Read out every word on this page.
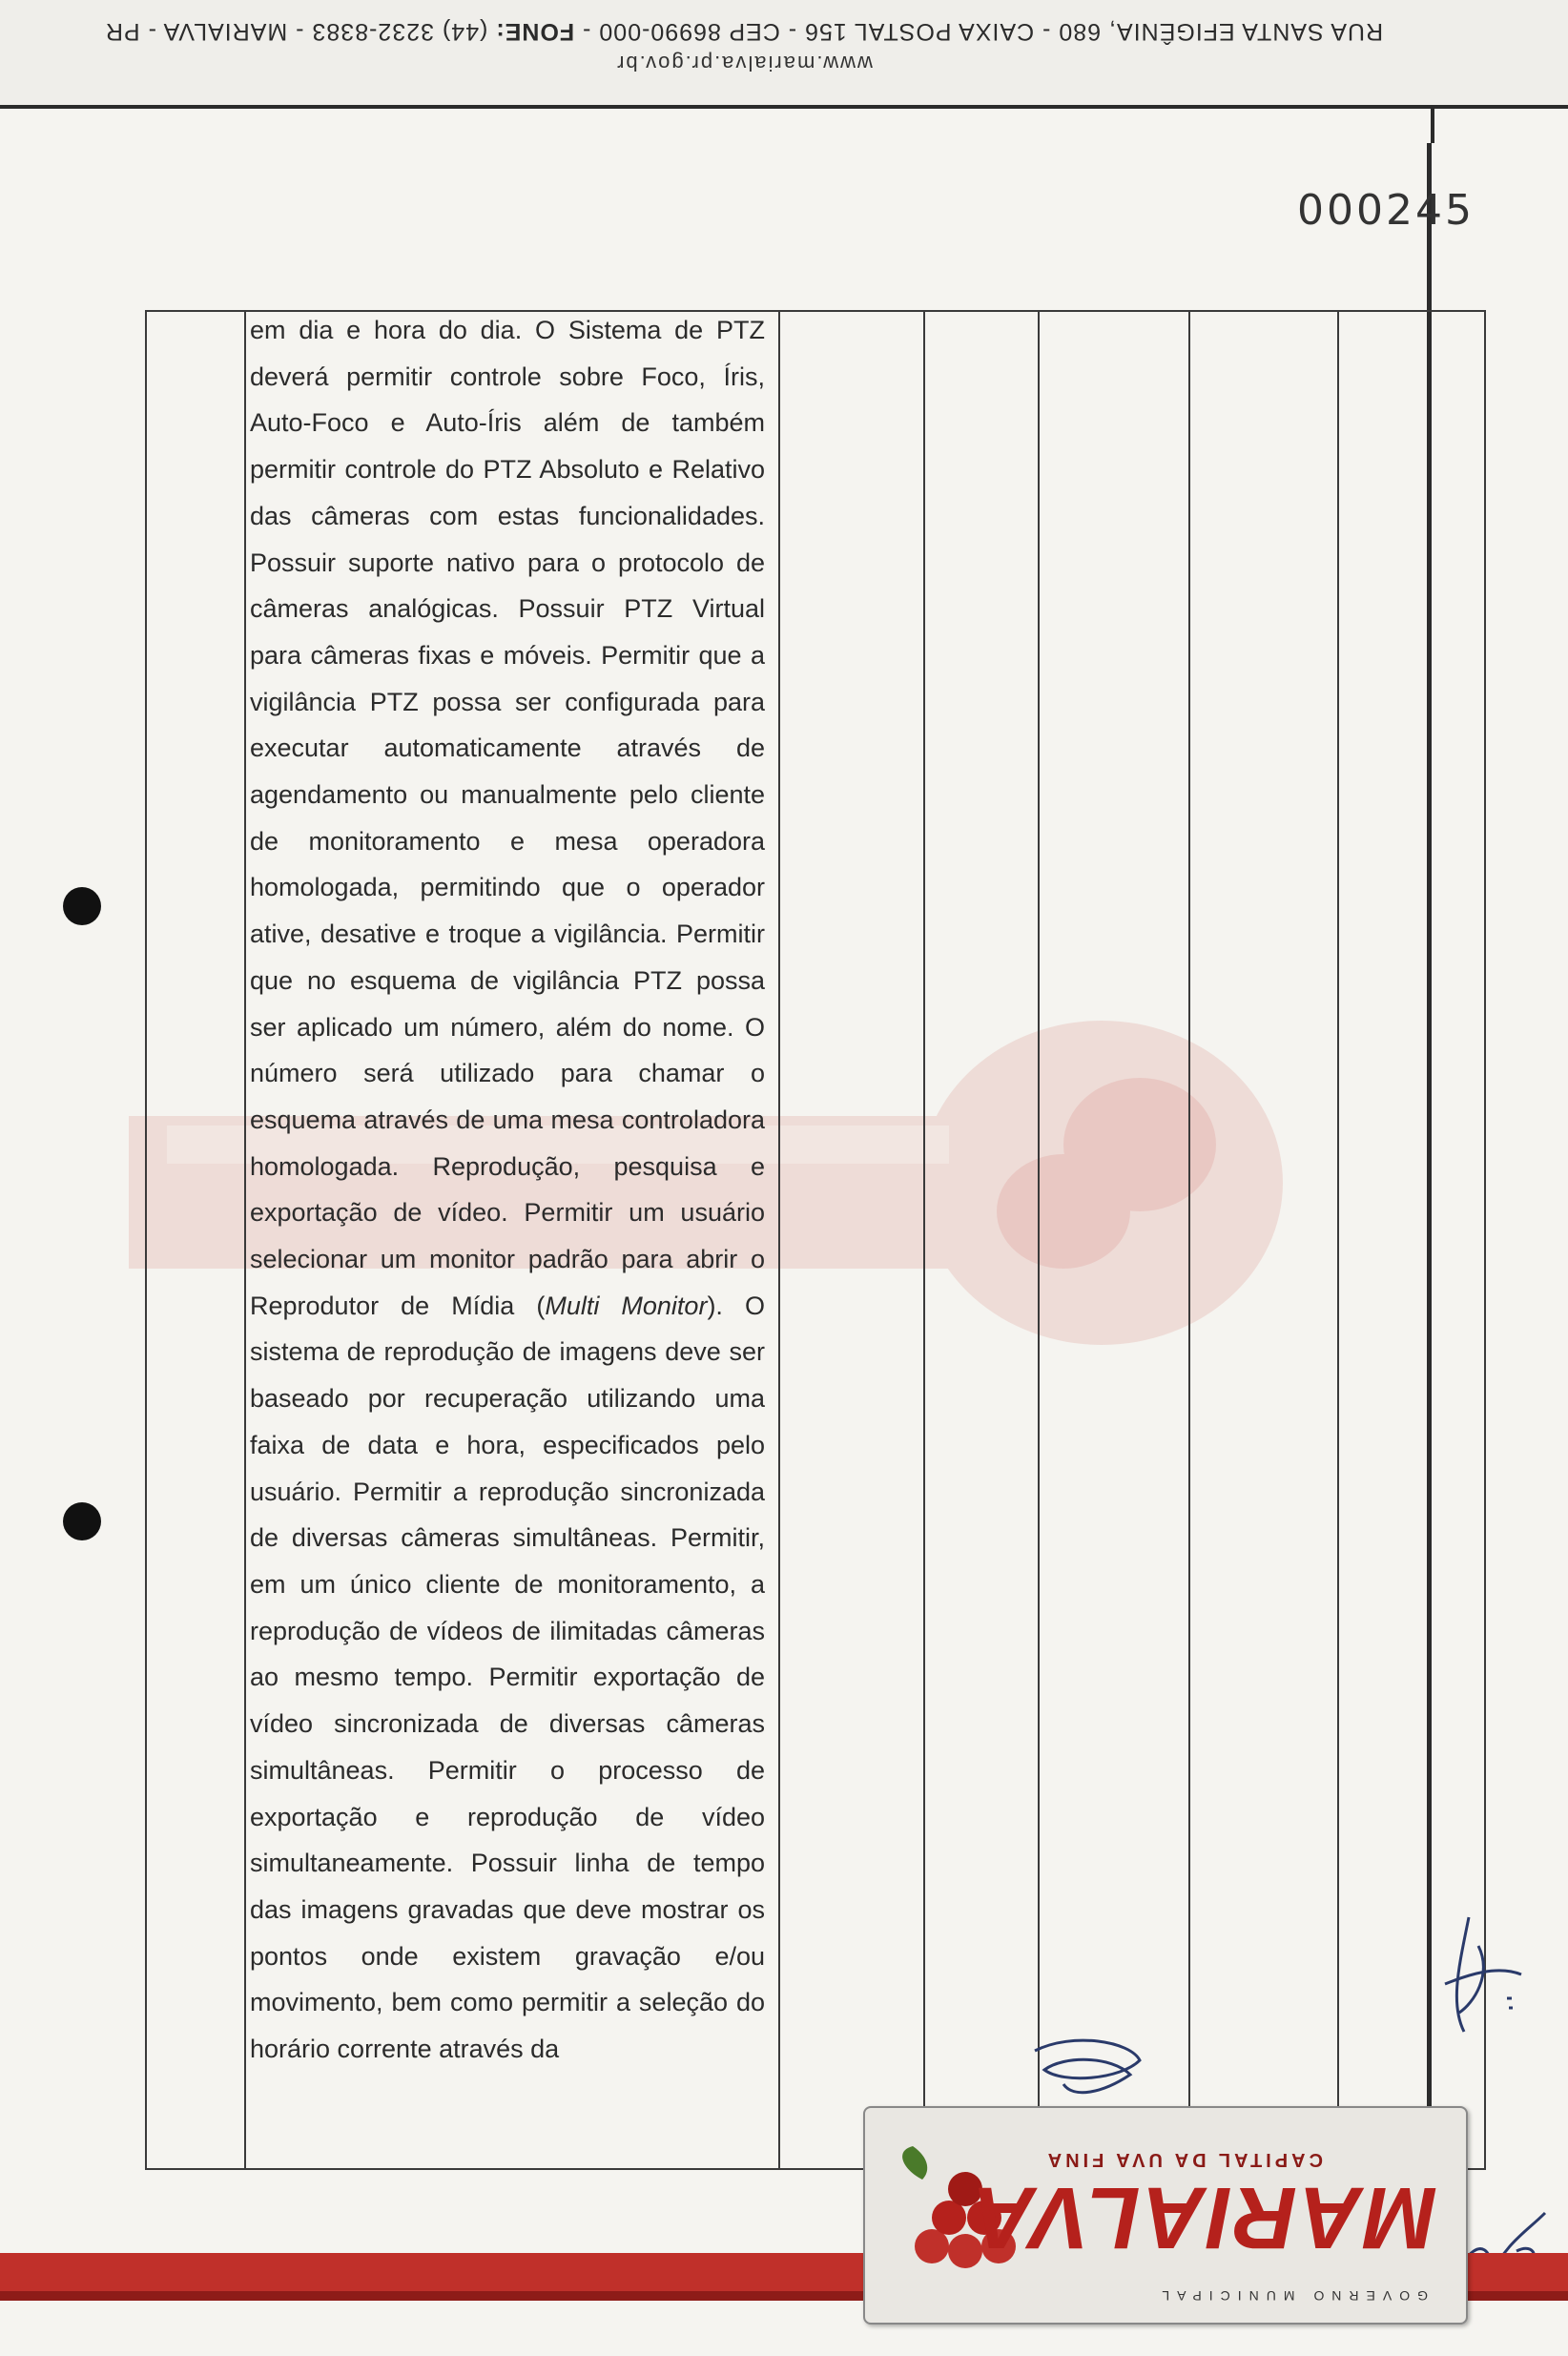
www.marialva.pr.gov.br
RUA SANTA EFIGÊNIA, 680 - CAIXA POSTAL 156 - CEP 86990-000 - FONE: (44) 3232-8383 - MARIALVA - PR
000245

em dia e hora do dia. O Sistema de PTZ deverá permitir controle sobre Foco, Íris, Auto-Foco e Auto-Íris além de também permitir controle do PTZ Absoluto e Relativo das câmeras com estas funcionalidades. Possuir suporte nativo para o protocolo de câmeras analógicas. Possuir PTZ Virtual para câmeras fixas e móveis. Permitir que a vigilância PTZ possa ser configurada para executar automaticamente através de agendamento ou manualmente pelo cliente de monitoramento e mesa operadora homologada, permitindo que o operador ative, desative e troque a vigilância. Permitir que no esquema de vigilância PTZ possa ser aplicado um número, além do nome. O número será utilizado para chamar o esquema através de uma mesa controladora homologada. Reprodução, pesquisa e exportação de vídeo. Permitir um usuário selecionar um monitor padrão para abrir o Reprodutor de Mídia (Multi Monitor). O sistema de reprodução de imagens deve ser baseado por recuperação utilizando uma faixa de data e hora, especificados pelo usuário. Permitir a reprodução sincronizada de diversas câmeras simultâneas. Permitir, em um único cliente de monitoramento, a reprodução de vídeos de ilimitadas câmeras ao mesmo tempo. Permitir exportação de vídeo sincronizada de diversas câmeras simultâneas. Permitir o processo de exportação e reprodução de vídeo simultaneamente. Possuir linha de tempo das imagens gravadas que deve mostrar os pontos onde existem gravação e/ou movimento, bem como permitir a seleção do horário corrente através da

GOVERNO MUNICIPAL
MARIALVA
CAPITAL DA UVA FINA
